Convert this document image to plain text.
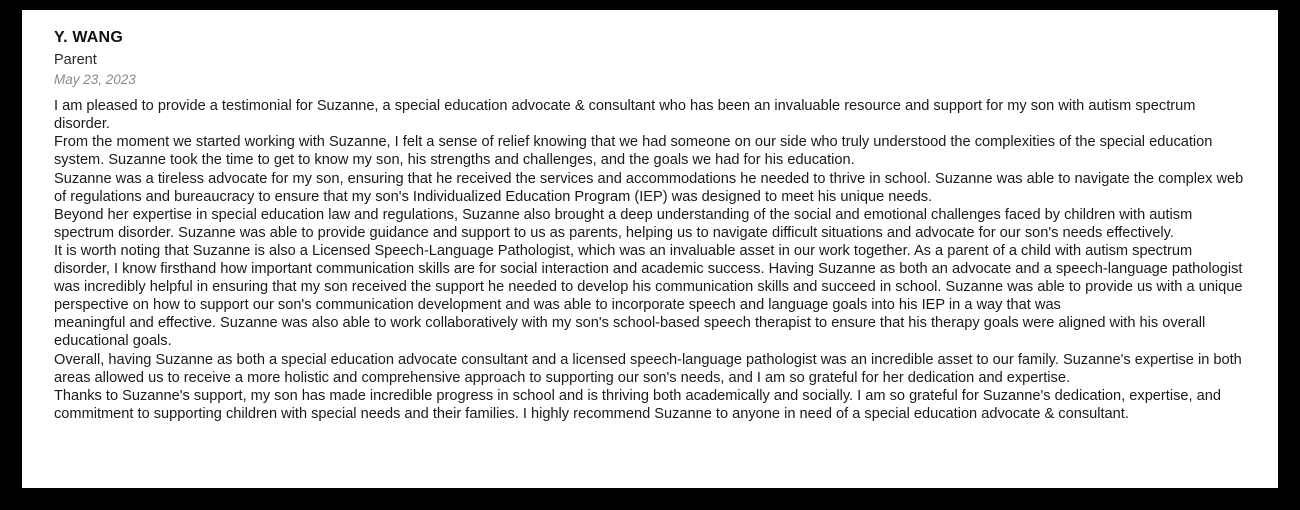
Y. WANG
Parent
May 23, 2023

I am pleased to provide a testimonial for Suzanne, a special education advocate & consultant who has been an invaluable resource and support for my son with autism spectrum disorder.

From the moment we started working with Suzanne, I felt a sense of relief knowing that we had someone on our side who truly understood the complexities of the special education system. Suzanne took the time to get to know my son, his strengths and challenges, and the goals we had for his education.

Suzanne was a tireless advocate for my son, ensuring that he received the services and accommodations he needed to thrive in school. Suzanne was able to navigate the complex web of regulations and bureaucracy to ensure that my son's Individualized Education Program (IEP) was designed to meet his unique needs.

Beyond her expertise in special education law and regulations, Suzanne also brought a deep understanding of the social and emotional challenges faced by children with autism spectrum disorder. Suzanne was able to provide guidance and support to us as parents, helping us to navigate difficult situations and advocate for our son's needs effectively.

It is worth noting that Suzanne is also a Licensed Speech-Language Pathologist, which was an invaluable asset in our work together. As a parent of a child with autism spectrum disorder, I know firsthand how important communication skills are for social interaction and academic success. Having Suzanne as both an advocate and a speech-language pathologist was incredibly helpful in ensuring that my son received the support he needed to develop his communication skills and succeed in school. Suzanne was able to provide us with a unique perspective on how to support our son's communication development and was able to incorporate speech and language goals into his IEP in a way that was

meaningful and effective. Suzanne was also able to work collaboratively with my son's school-based speech therapist to ensure that his therapy goals were aligned with his overall educational goals.

Overall, having Suzanne as both a special education advocate consultant and a licensed speech-language pathologist was an incredible asset to our family. Suzanne's expertise in both areas allowed us to receive a more holistic and comprehensive approach to supporting our son's needs, and I am so grateful for her dedication and expertise.

Thanks to Suzanne's support, my son has made incredible progress in school and is thriving both academically and socially. I am so grateful for Suzanne's dedication, expertise, and commitment to supporting children with special needs and their families. I highly recommend Suzanne to anyone in need of a special education advocate & consultant.
